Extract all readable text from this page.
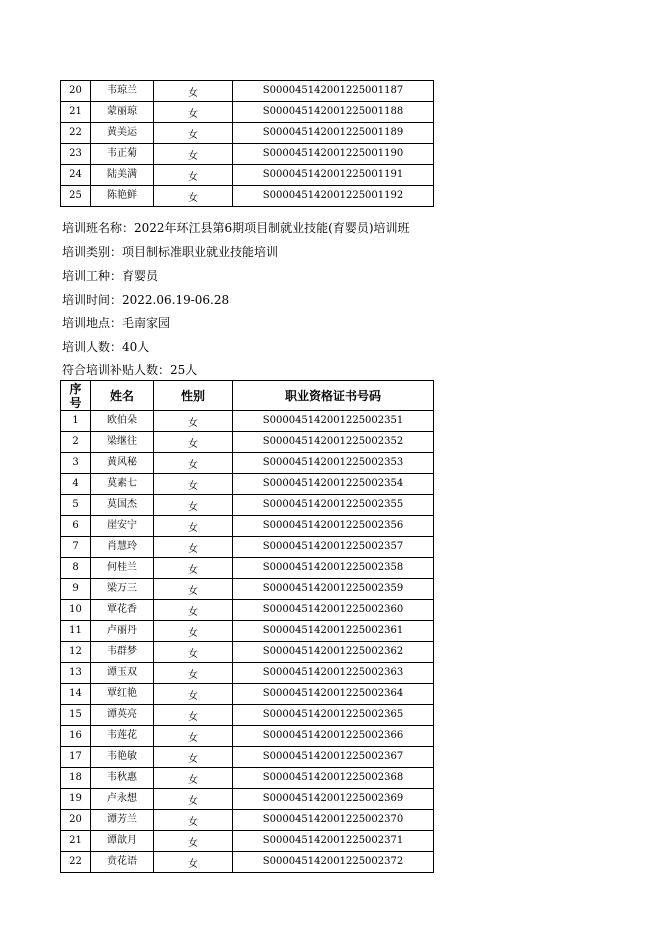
20	韦琼兰	女	S000045142001225001187
21	蒙丽琼	女	S000045142001225001188
22	黄美运	女	S000045142001225001189
23	韦正菊	女	S000045142001225001190
24	陆美满	女	S000045142001225001191
25	陈艳鲜	女	S000045142001225001192
培训班名称：2022年环江县第6期项目制就业技能(育婴员)培训班
培训类别：项目制标准职业就业技能培训
培训工种：育婴员
培训时间：2022.06.19-06.28
培训地点：毛南家园
培训人数：40人
符合培训补贴人数：25人
序
号	姓名	性别	职业资格证书号码
1	欧伯朵	女	S000045142001225002351
2	梁继往	女	S000045142001225002352
3	黄风秘	女	S000045142001225002353
4	莫素七	女	S000045142001225002354
5	莫国杰	女	S000045142001225002355
6	崖安宁	女	S000045142001225002356
7	肖慧玲	女	S000045142001225002357
8	何桂兰	女	S000045142001225002358
9	梁万三	女	S000045142001225002359
10	覃花香	女	S000045142001225002360
11	卢丽丹	女	S000045142001225002361
12	韦群梦	女	S000045142001225002362
13	谭玉双	女	S000045142001225002363
14	覃红艳	女	S000045142001225002364
15	谭英亮	女	S000045142001225002365
16	韦莲花	女	S000045142001225002366
17	韦艳敏	女	S000045142001225002367
18	韦秋惠	女	S000045142001225002368
19	卢永想	女	S000045142001225002369
20	谭芳兰	女	S000045142001225002370
21	谭歆月	女	S000045142001225002371
22	贲花语	女	S000045142001225002372
